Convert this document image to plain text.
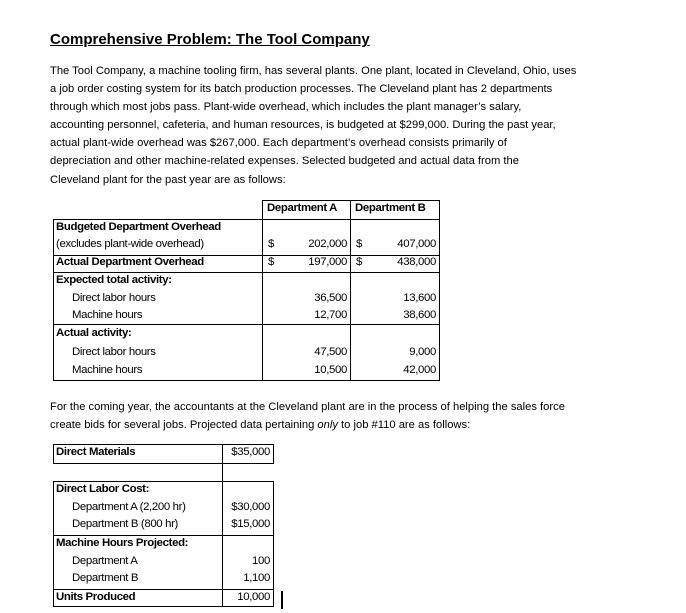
Comprehensive Problem: The Tool Company
The Tool Company, a machine tooling firm, has several plants. One plant, located in Cleveland, Ohio, uses
a job order costing system for its batch production processes. The Cleveland plant has 2 departments
through which most jobs pass. Plant-wide overhead, which includes the plant manager’s salary,
accounting personnel, cafeteria, and human resources, is budgeted at $299,000. During the past year,
actual plant-wide overhead was $267,000. Each department’s overhead consists primarily of
depreciation and other machine-related expenses. Selected budgeted and actual data from the
Cleveland plant for the past year are as follows:
Department A Department B
Budgeted Department Overhead
(excludes plant-wide overhead)	$	202,000 $	407,000
Actual Department Overhead	$	197,000 $	438,000
Expected total activity:
Direct labor hours	36,500	13,600
Machine hours	12,700	38,600
Actual activity:
Direct labor hours	47,500	9,000
Machine hours	10,500	42,000
For the coming year, the accountants at the Cleveland plant are in the process of helping the sales force
create bids for several jobs. Projected data pertaining only to job #110 are as follows:
Direct Materials	$35,000
Direct Labor Cost:
Department A (2,200 hr)	$30,000
Department B (800 hr)	$15,000
Machine Hours Projected:
Department A	100
Department B	1,100
Units Produced	10,000
